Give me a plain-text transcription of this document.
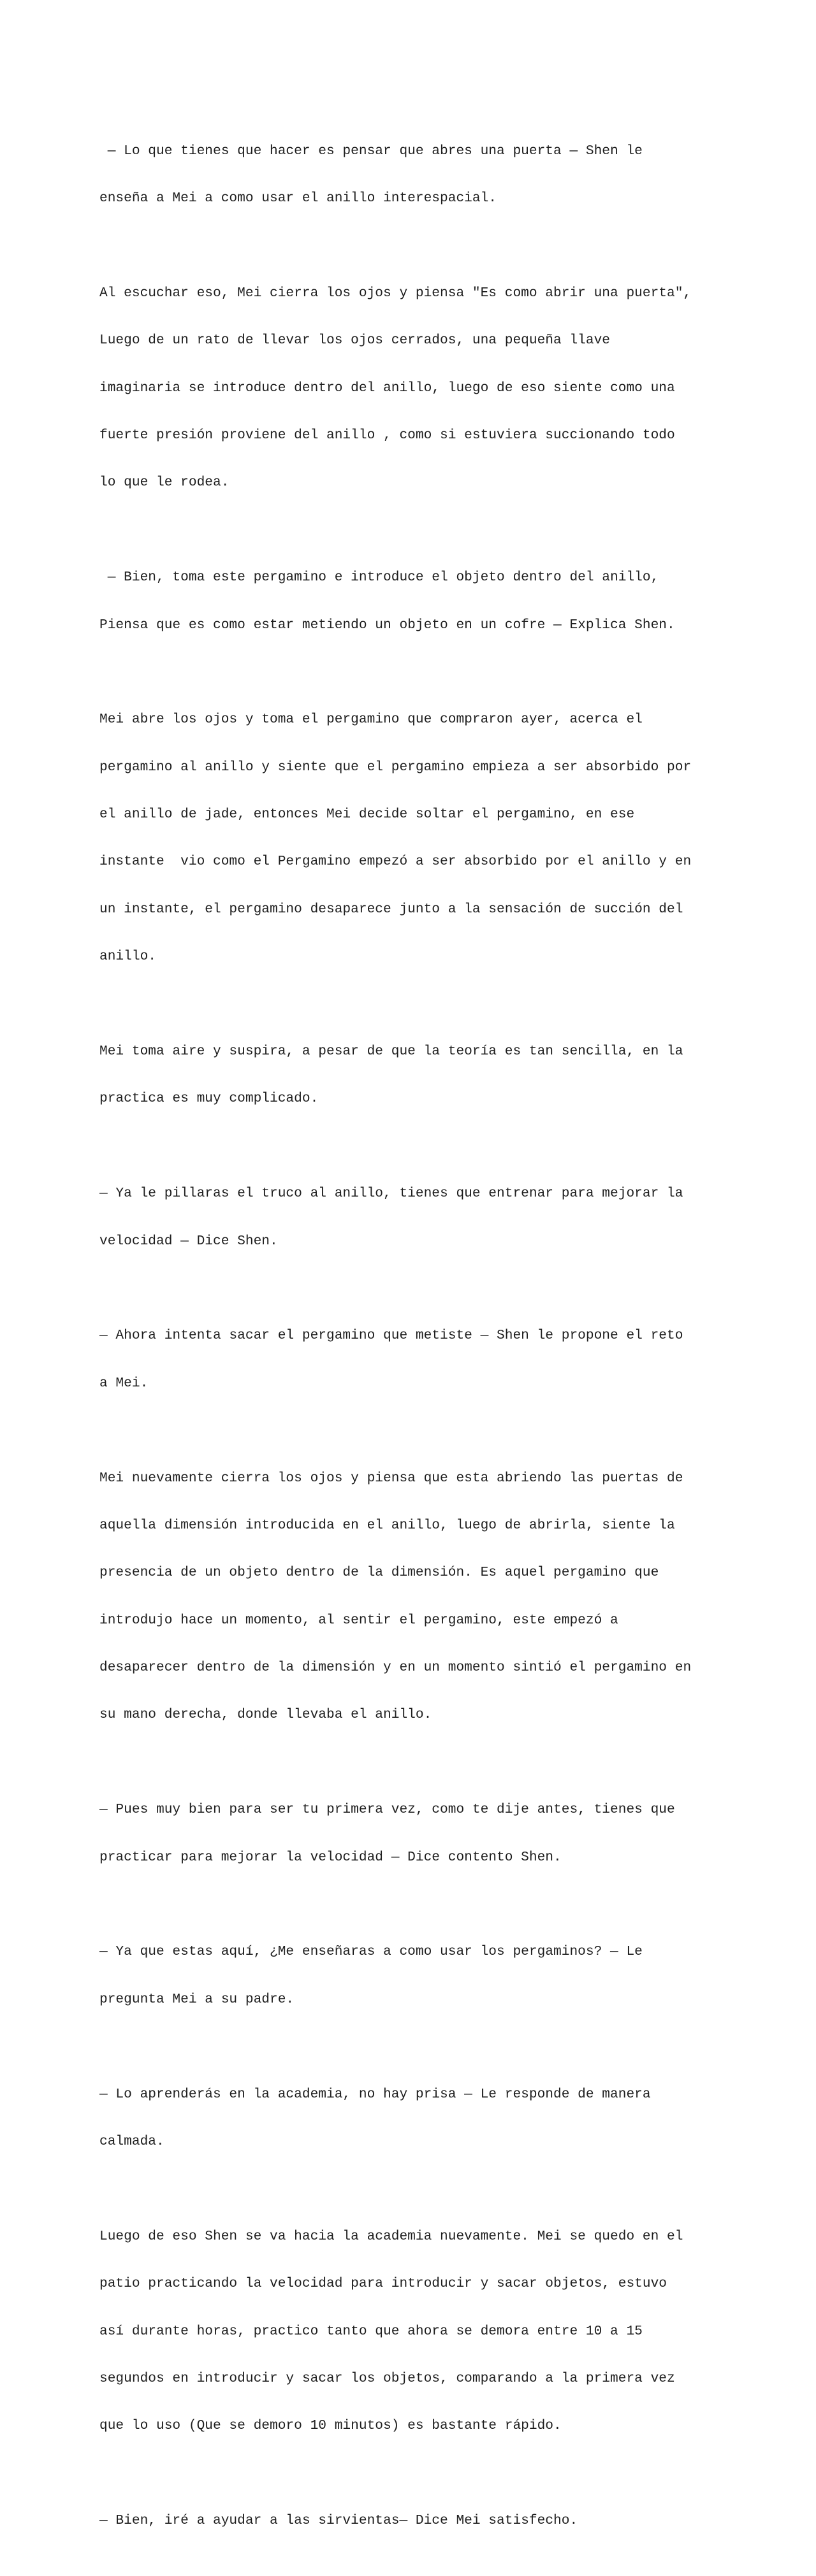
— Lo que tienes que hacer es pensar que abres una puerta — Shen le

enseña a Mei a como usar el anillo interespacial.

Al escuchar eso, Mei cierra los ojos y piensa "Es como abrir una puerta",

Luego de un rato de llevar los ojos cerrados, una pequeña llave

imaginaria se introduce dentro del anillo, luego de eso siente como una

fuerte presión proviene del anillo , como si estuviera succionando todo

lo que le rodea.

— Bien, toma este pergamino e introduce el objeto dentro del anillo,

Piensa que es como estar metiendo un objeto en un cofre — Explica Shen.

Mei abre los ojos y toma el pergamino que compraron ayer, acerca el

pergamino al anillo y siente que el pergamino empieza a ser absorbido por

el anillo de jade, entonces Mei decide soltar el pergamino, en ese

instante  vio como el Pergamino empezó a ser absorbido por el anillo y en

un instante, el pergamino desaparece junto a la sensación de succión del

anillo.

Mei toma aire y suspira, a pesar de que la teoría es tan sencilla, en la

practica es muy complicado.

— Ya le pillaras el truco al anillo, tienes que entrenar para mejorar la

velocidad — Dice Shen.

— Ahora intenta sacar el pergamino que metiste — Shen le propone el reto

a Mei.

Mei nuevamente cierra los ojos y piensa que esta abriendo las puertas de

aquella dimensión introducida en el anillo, luego de abrirla, siente la

presencia de un objeto dentro de la dimensión. Es aquel pergamino que

introdujo hace un momento, al sentir el pergamino, este empezó a

desaparecer dentro de la dimensión y en un momento sintió el pergamino en

su mano derecha, donde llevaba el anillo.

— Pues muy bien para ser tu primera vez, como te dije antes, tienes que

practicar para mejorar la velocidad — Dice contento Shen.

— Ya que estas aquí, ¿Me enseñaras a como usar los pergaminos? — Le

pregunta Mei a su padre.

— Lo aprenderás en la academia, no hay prisa — Le responde de manera

calmada.

Luego de eso Shen se va hacia la academia nuevamente. Mei se quedo en el

patio practicando la velocidad para introducir y sacar objetos, estuvo

así durante horas, practico tanto que ahora se demora entre 10 a 15

segundos en introducir y sacar los objetos, comparando a la primera vez

que lo uso (Que se demoro 10 minutos) es bastante rápido.

— Bien, iré a ayudar a las sirvientas— Dice Mei satisfecho.
